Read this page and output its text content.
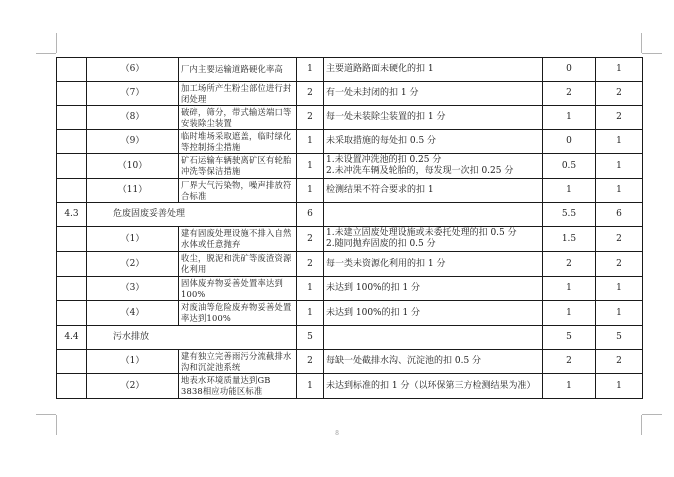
	（6）	厂内主要运输道路硬化率高	1	主要道路路面未硬化的扣 1	0	1
	（7）	加工场所产生粉尘部位进行封闭处理	2	有一处未封闭的扣 1 分	2	2
	（8）	破碎，筛分，带式输送端口等安装除尘装置	2	每一处未装除尘装置的扣 1 分	1	2
	（9）	临时堆场采取遮盖，临时绿化等控制扬尘措施	1	未采取措施的每处扣 0.5 分	0	1
	（10）	矿石运输车辆驶离矿区有轮胎冲洗等保洁措施	1	1.未设置冲洗池的扣 0.25 分
2.未冲洗车辆及轮胎的，每发现一次扣 0.25 分	0.5	1
	（11）	厂界大气污染物，噪声排放符合标准	1	检测结果不符合要求的扣 1	1	1
4.3	危废固废妥善处理		6		5.5	6
	（1）	建有固废处理设施不排入自然水体或任意抛弃	2	1.未建立固废处理设施或未委托处理的扣 0.5 分
2.随同抛弃固废的扣 0.5 分	1.5	2
	（2）	收尘，脱泥和洗矿等废渣资源化利用	2	每一类未资源化利用的扣 1 分	2	2
	（3）	固体废弃物妥善处置率达到100%	1	未达到 100%的扣 1 分	1	1
	（4）	对废油等危险废弃物妥善处置率达到100%	1	未达到 100%的扣 1 分	1	1
4.4	污水排放		5		5	5
	（1）	建有独立完善雨污分流截排水沟和沉淀池系统	2	每缺一处截排水沟、沉淀池的扣 0.5 分	2	2
	（2）	地表水环境质量达到GB 3838相应功能区标准	1	未达到标准的扣 1 分（以环保第三方检测结果为准）	1	1
8
